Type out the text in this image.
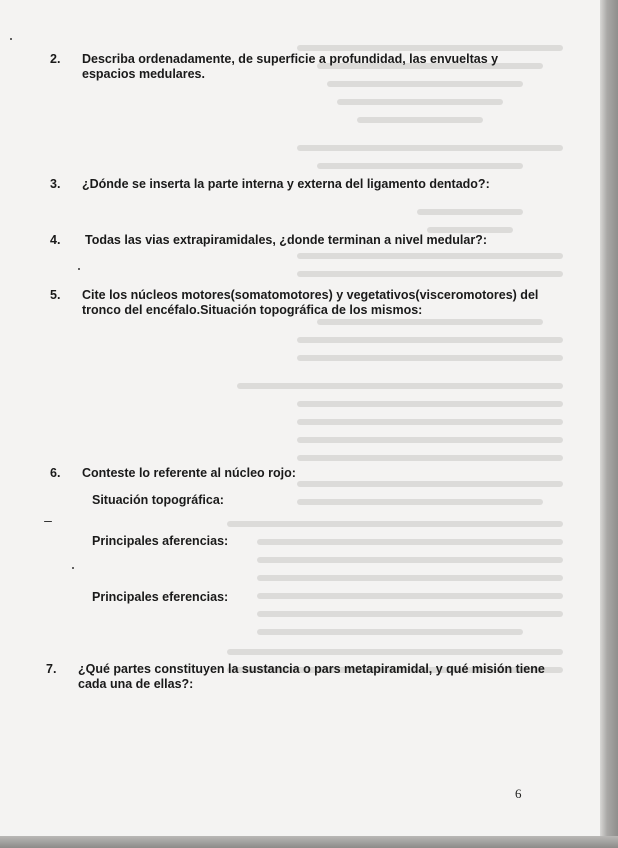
2. Describa ordenadamente, de superficie a profundidad, las envueltas y espacios medulares.
3. ¿Dónde se inserta la parte interna y externa del ligamento dentado?:
4. Todas las vias extrapiramidales, ¿donde terminan a nivel medular?:
5. Cite los núcleos motores(somatomotores) y vegetativos(visceromotores) del tronco del encéfalo.Situación topográfica de los mismos:
6. Conteste lo referente al núcleo rojo:
Situación topográfica:
Principales aferencias:
Principales eferencias:
7. ¿Qué partes constituyen la sustancia o pars metapiramidal, y qué misión tiene cada una de ellas?:
6
